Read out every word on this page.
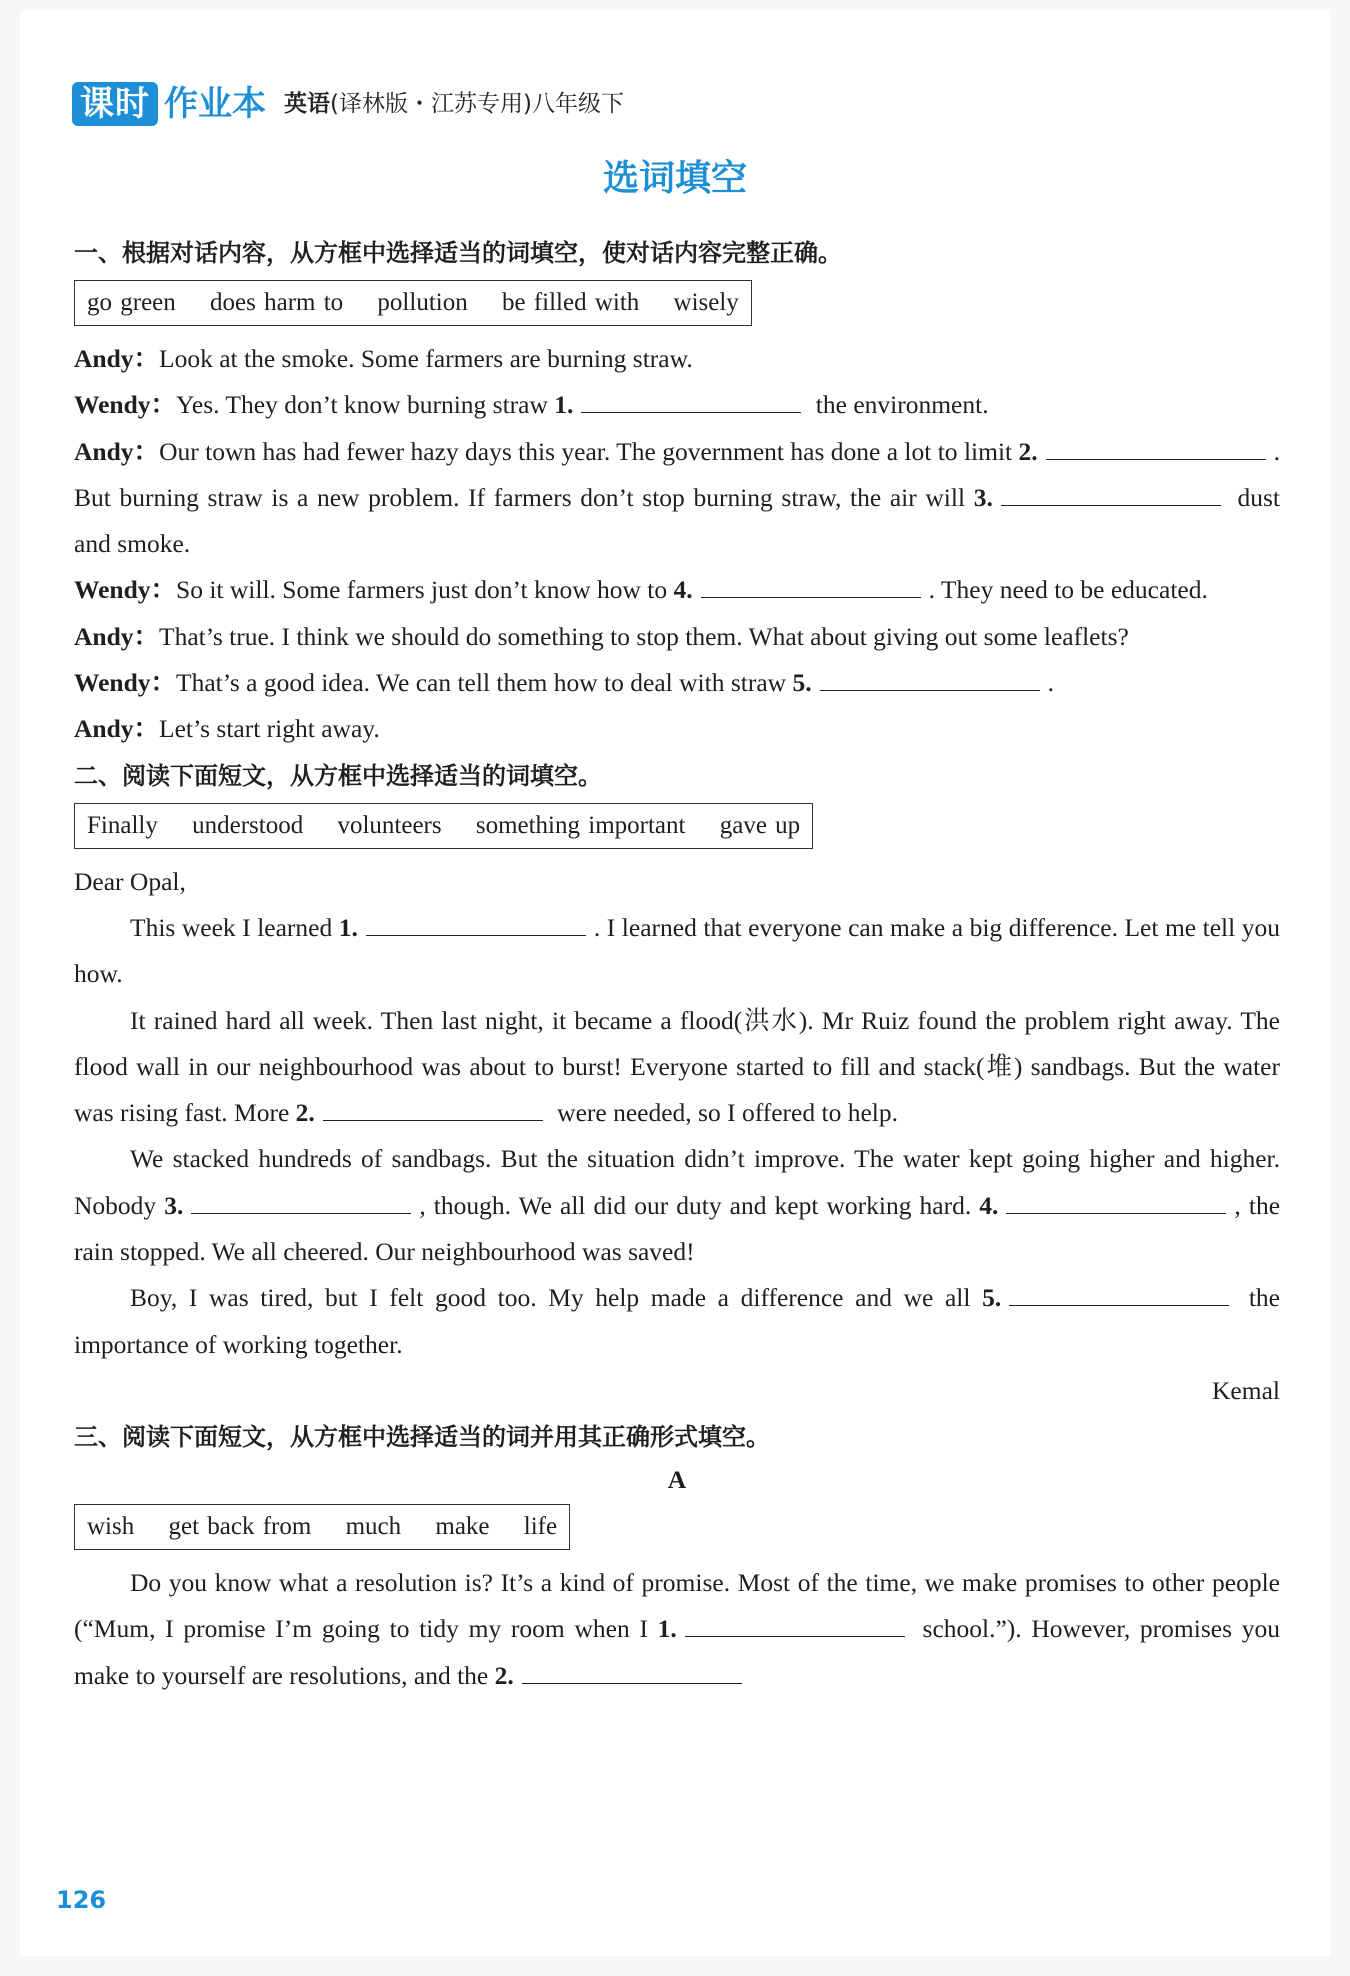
课时 作业本 英语(译林版・江苏专用)八年级下
选词填空
一、根据对话内容，从方框中选择适当的词填空，使对话内容完整正确。
go green does harm to pollution be filled with wisely

Andy：Look at the smoke. Some farmers are burning straw.

Wendy：Yes. They don’t know burning straw 1.	the environment.

Andy：Our town has had fewer hazy days this year. The government has done a lot to limit 2.	. But burning straw is a new problem. If farmers don’t stop burning straw, the air will 3.	dust and smoke.

Wendy：So it will. Some farmers just don’t know how to 4.	. They need to be educated.

Andy：That’s true. I think we should do something to stop them. What about giving out some leaflets?

Wendy：That’s a good idea. We can tell them how to deal with straw 5.	.

Andy：Let’s start right away.

二、阅读下面短文，从方框中选择适当的词填空。
Finally understood volunteers something important gave up

Dear Opal,

This week I learned 1.	. I learned that everyone can make a big difference. Let me tell you how.

It rained hard all week. Then last night, it became a flood(洪水). Mr Ruiz found the problem right away. The flood wall in our neighbourhood was about to burst! Everyone started to fill and stack(堆) sandbags. But the water was rising fast. More 2.	were needed, so I offered to help.

We stacked hundreds of sandbags. But the situation didn’t improve. The water kept going higher and higher. Nobody 3.	, though. We all did our duty and kept working hard. 4.	, the rain stopped. We all cheered. Our neighbourhood was saved!

Boy, I was tired, but I felt good too. My help made a difference and we all 5.	the importance of working together.

Kemal

三、阅读下面短文，从方框中选择适当的词并用其正确形式填空。

A

wish get back from much make life

Do you know what a resolution is? It’s a kind of promise. Most of the time, we make promises to other people (“Mum, I promise I’m going to tidy my room when I 1.	school.”). However, promises you make to yourself are resolutions, and the 2.

126
